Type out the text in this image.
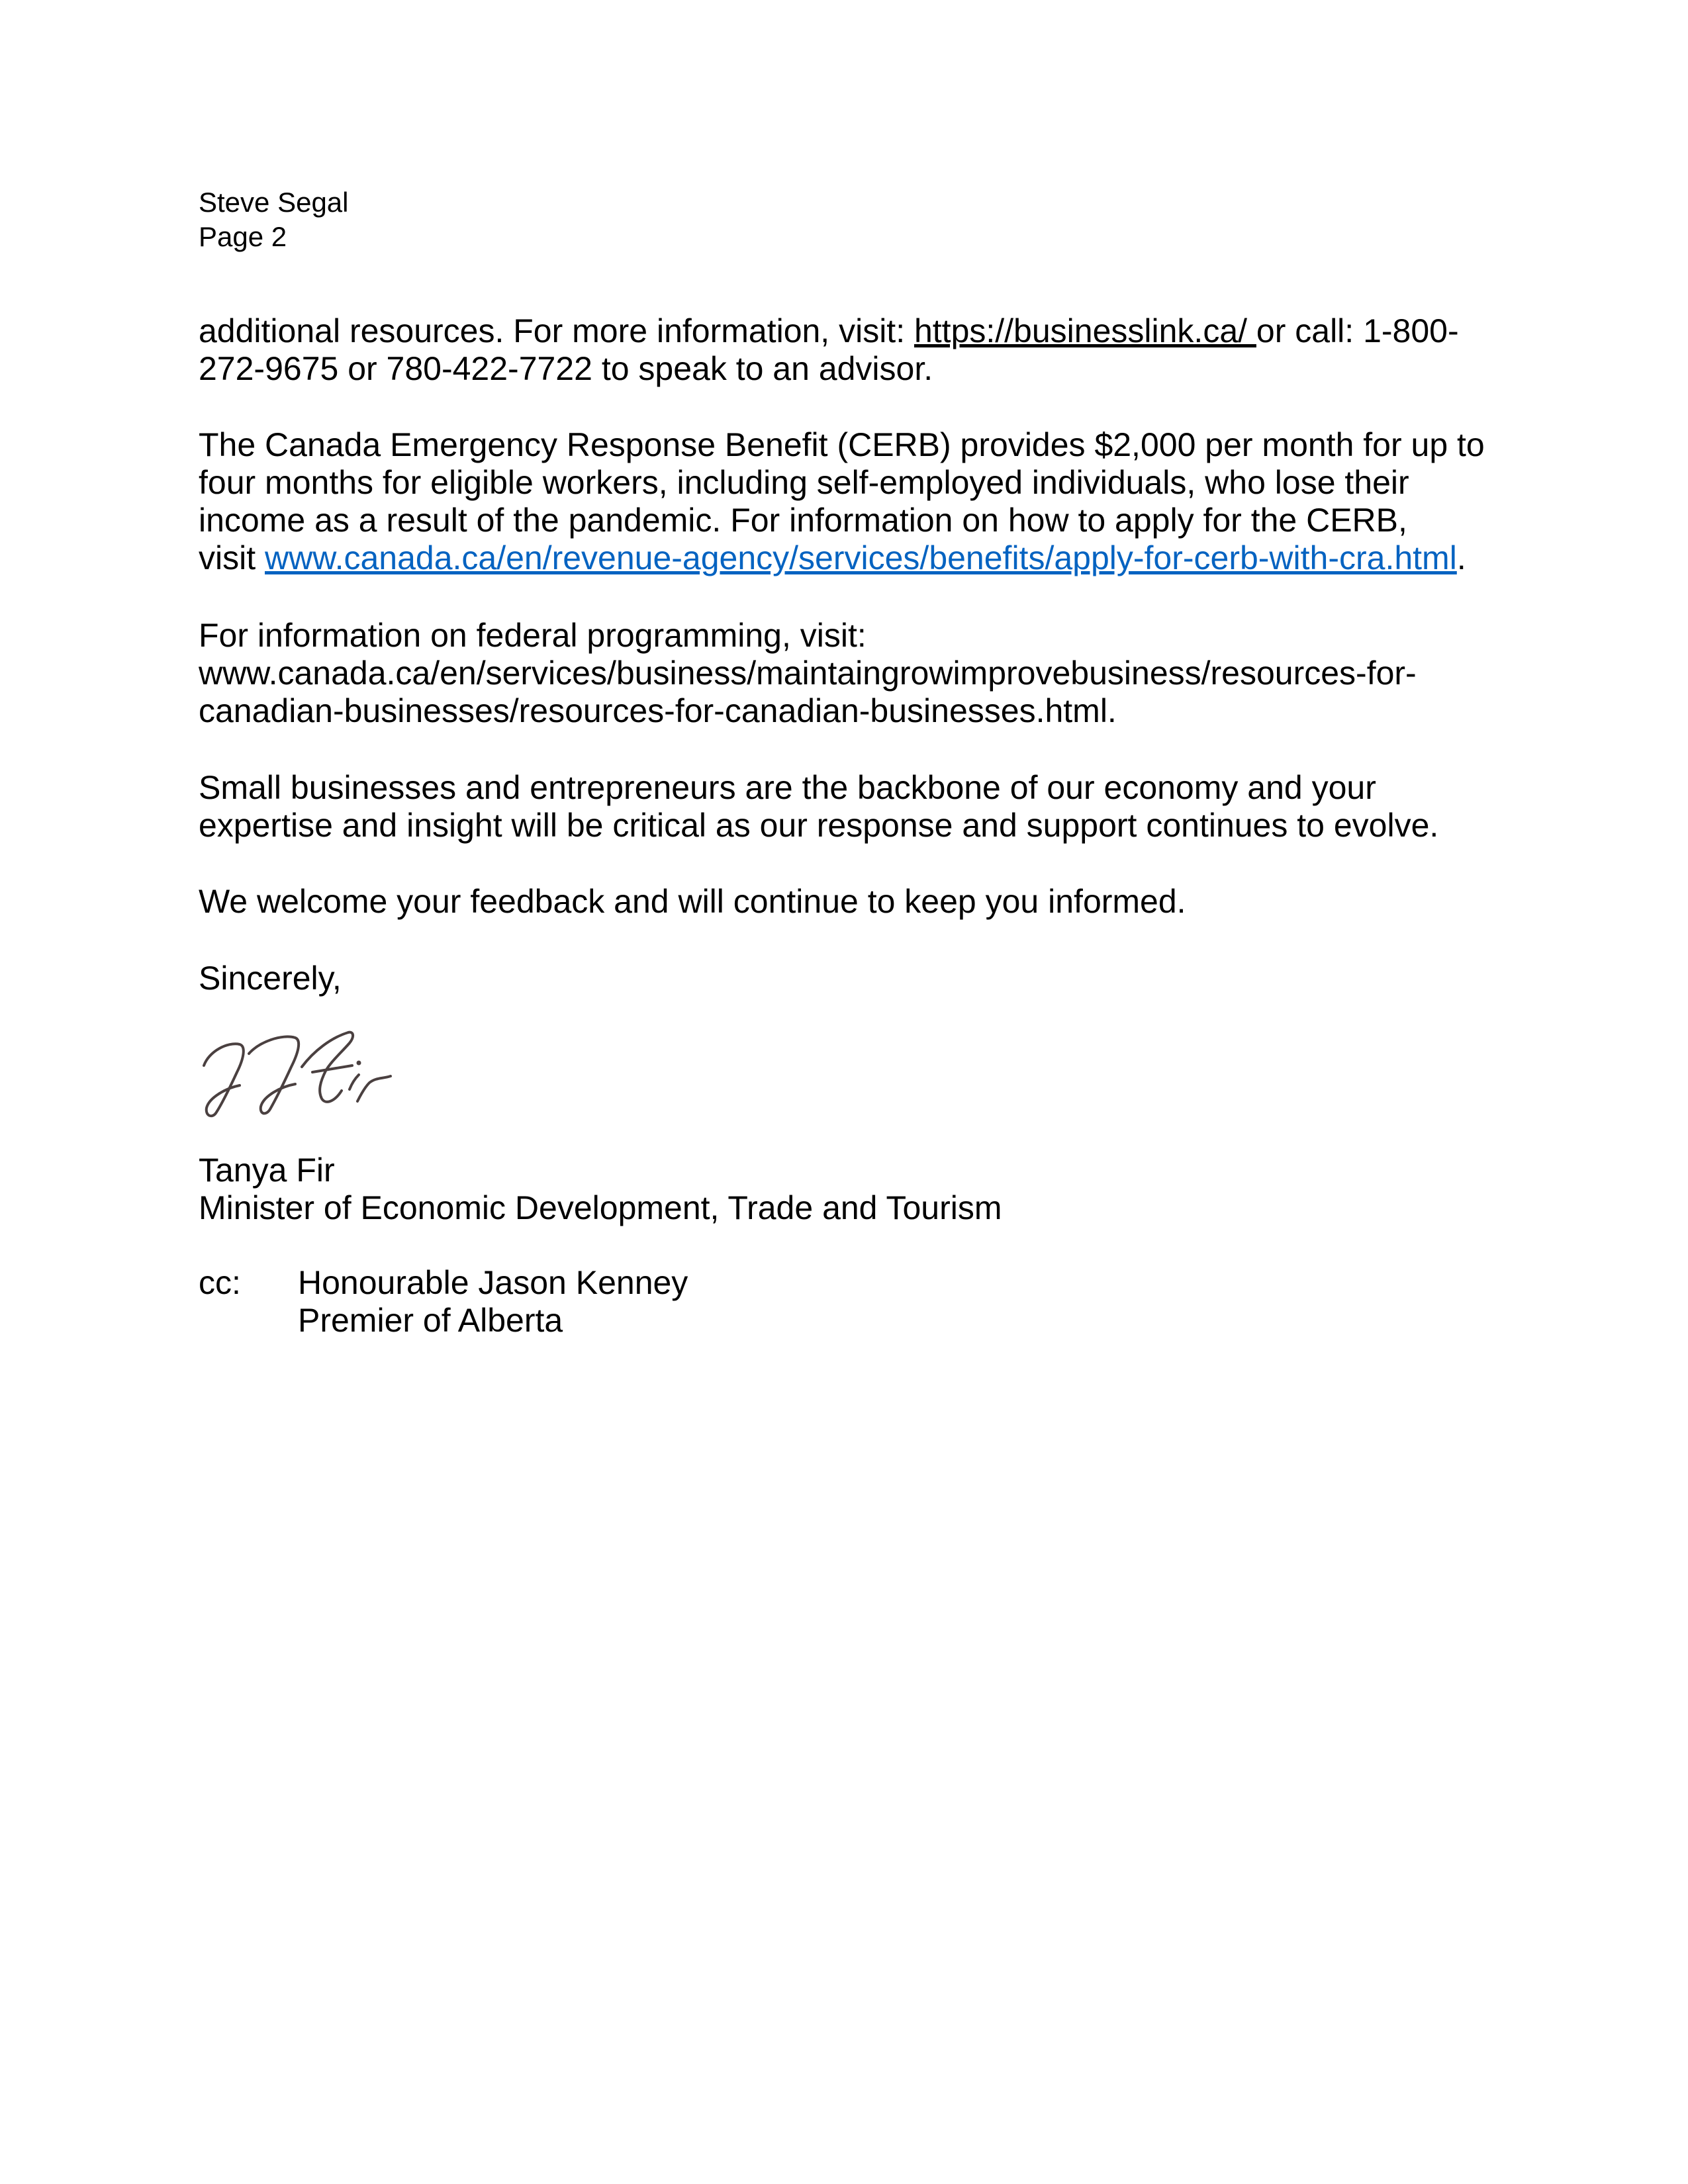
Steve Segal
Page 2
additional resources. For more information, visit: https://businesslink.ca/ or call: 1-800-
272-9675 or 780-422-7722 to speak to an advisor.
The Canada Emergency Response Benefit (CERB) provides $2,000 per month for up to
four months for eligible workers, including self-employed individuals, who lose their
income as a result of the pandemic. For information on how to apply for the CERB,
visit www.canada.ca/en/revenue-agency/services/benefits/apply-for-cerb-with-cra.html.
For information on federal programming, visit:
www.canada.ca/en/services/business/maintaingrowimprovebusiness/resources-for-
canadian-businesses/resources-for-canadian-businesses.html.
Small businesses and entrepreneurs are the backbone of our economy and your
expertise and insight will be critical as our response and support continues to evolve.
We welcome your feedback and will continue to keep you informed.
Sincerely,
Tanya Fir
Minister of Economic Development, Trade and Tourism
cc: Honourable Jason Kenney
Premier of Alberta
